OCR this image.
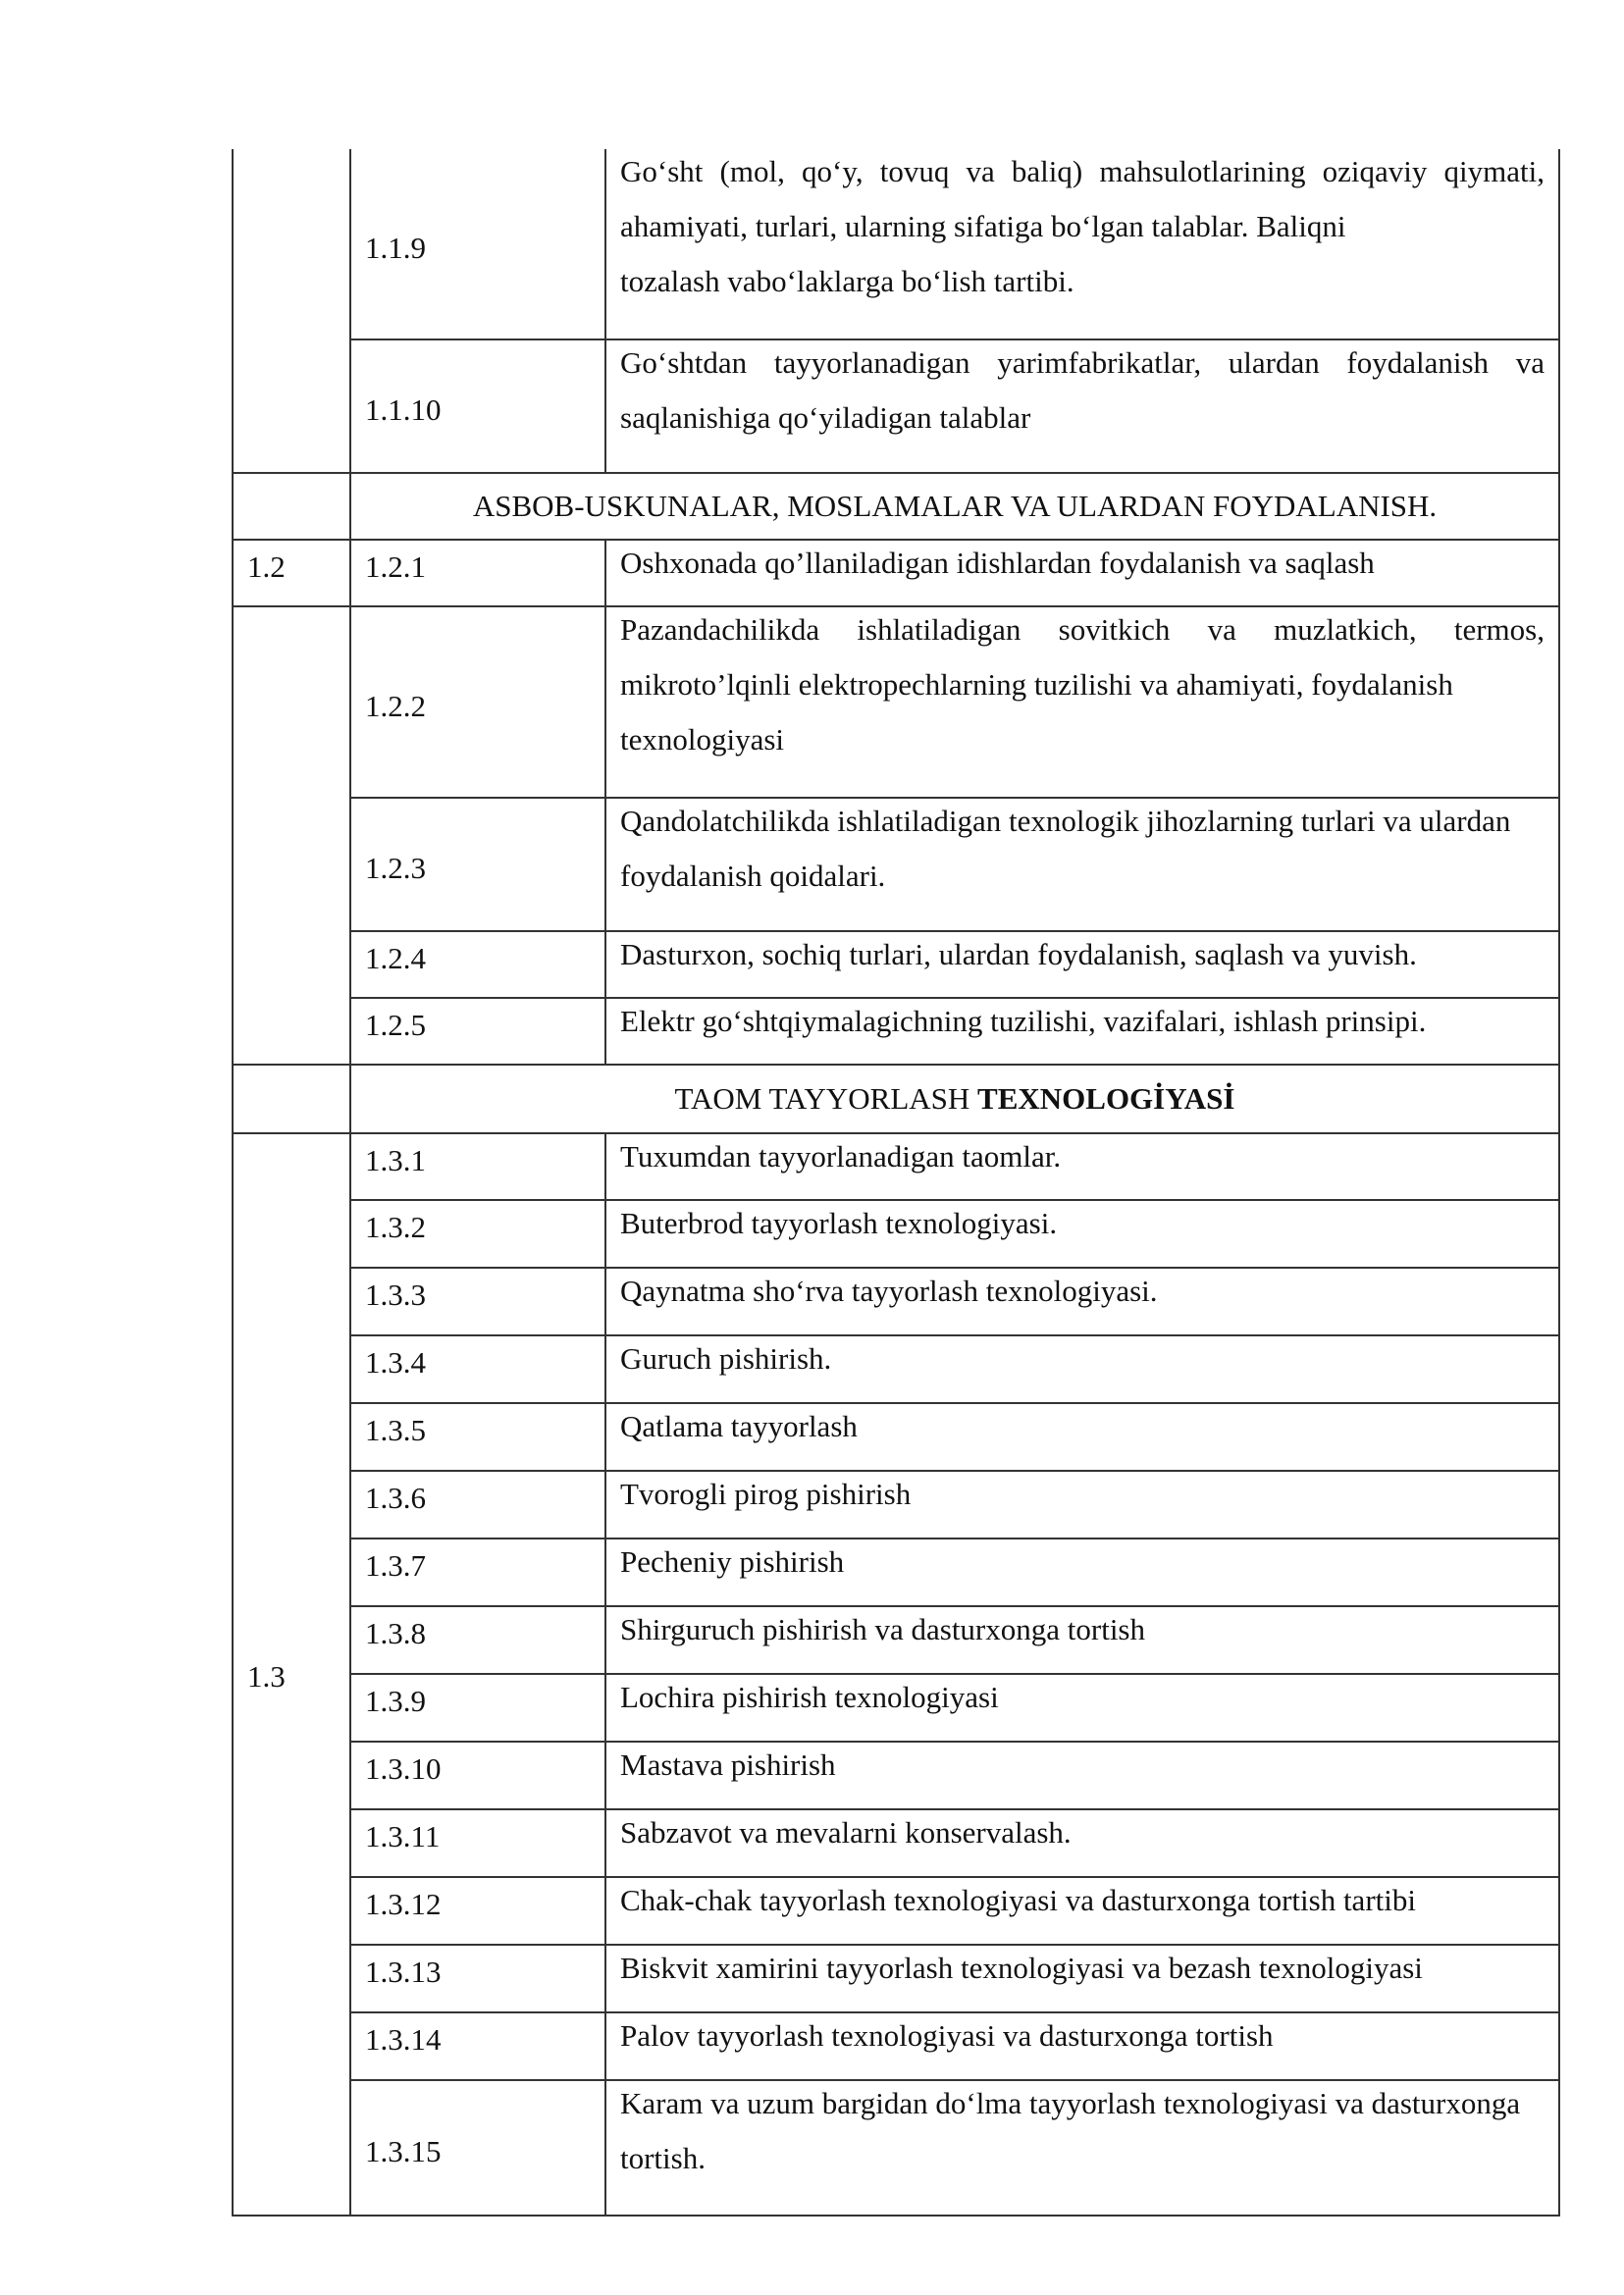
	1.1.9	Go‘sht (mol, qo‘y, tovuq va baliq) mahsulotlarining oziqaviy qiymati,
ahamiyati, turlari, ularning sifatiga bo‘lgan talablar. Baliqni
tozalash vabo‘laklarga bo‘lish tartibi.

	1.1.10	Go‘shtdan tayyorlanadigan yarimfabrikatlar, ulardan foydalanish va
saqlanishiga qo‘yiladigan talablar

	ASBOB-USKUNALAR, MOSLAMALAR VA ULARDAN FOYDALANISH.	
1.2	1.2.1	Oshxonada qo’llaniladigan idishlardan foydalanish va saqlash

	1.2.2	Pazandachilikda ishlatiladigan sovitkich va muzlatkich, termos,
mikroto’lqinli elektropechlarning tuzilishi va ahamiyati, foydalanish
texnologiyasi

	1.2.3	Qandolatchilikda ishlatiladigan texnologik jihozlarning turlari va ulardan
foydalanish qoidalari.

	1.2.4	Dasturxon, sochiq turlari, ulardan foydalanish, saqlash va yuvish.

	1.2.5	Elektr go‘shtqiymalagichning tuzilishi, vazifalari, ishlash prinsipi.

	TAOM TAYYORLASH TEXNOLOGİYASİ	
1.3	1.3.1	Tuxumdan tayyorlanadigan taomlar.

	1.3.2	Buterbrod tayyorlash texnologiyasi.

	1.3.3	Qaynatma sho‘rva tayyorlash texnologiyasi.

	1.3.4	Guruch pishirish.

	1.3.5	Qatlama tayyorlash

	1.3.6	Tvorogli pirog pishirish

	1.3.7	Pecheniy pishirish

	1.3.8	Shirguruch pishirish va dasturxonga tortish

	1.3.9	Lochira pishirish texnologiyasi

	1.3.10	Mastava pishirish

	1.3.11	Sabzavot va mevalarni konservalash.

	1.3.12	Chak-chak tayyorlash texnologiyasi va dasturxonga tortish tartibi

	1.3.13	Biskvit xamirini tayyorlash texnologiyasi va bezash texnologiyasi

	1.3.14	Palov tayyorlash texnologiyasi va dasturxonga tortish

	1.3.15	Karam va uzum bargidan do‘lma tayyorlash texnologiyasi va dasturxonga
tortish.
